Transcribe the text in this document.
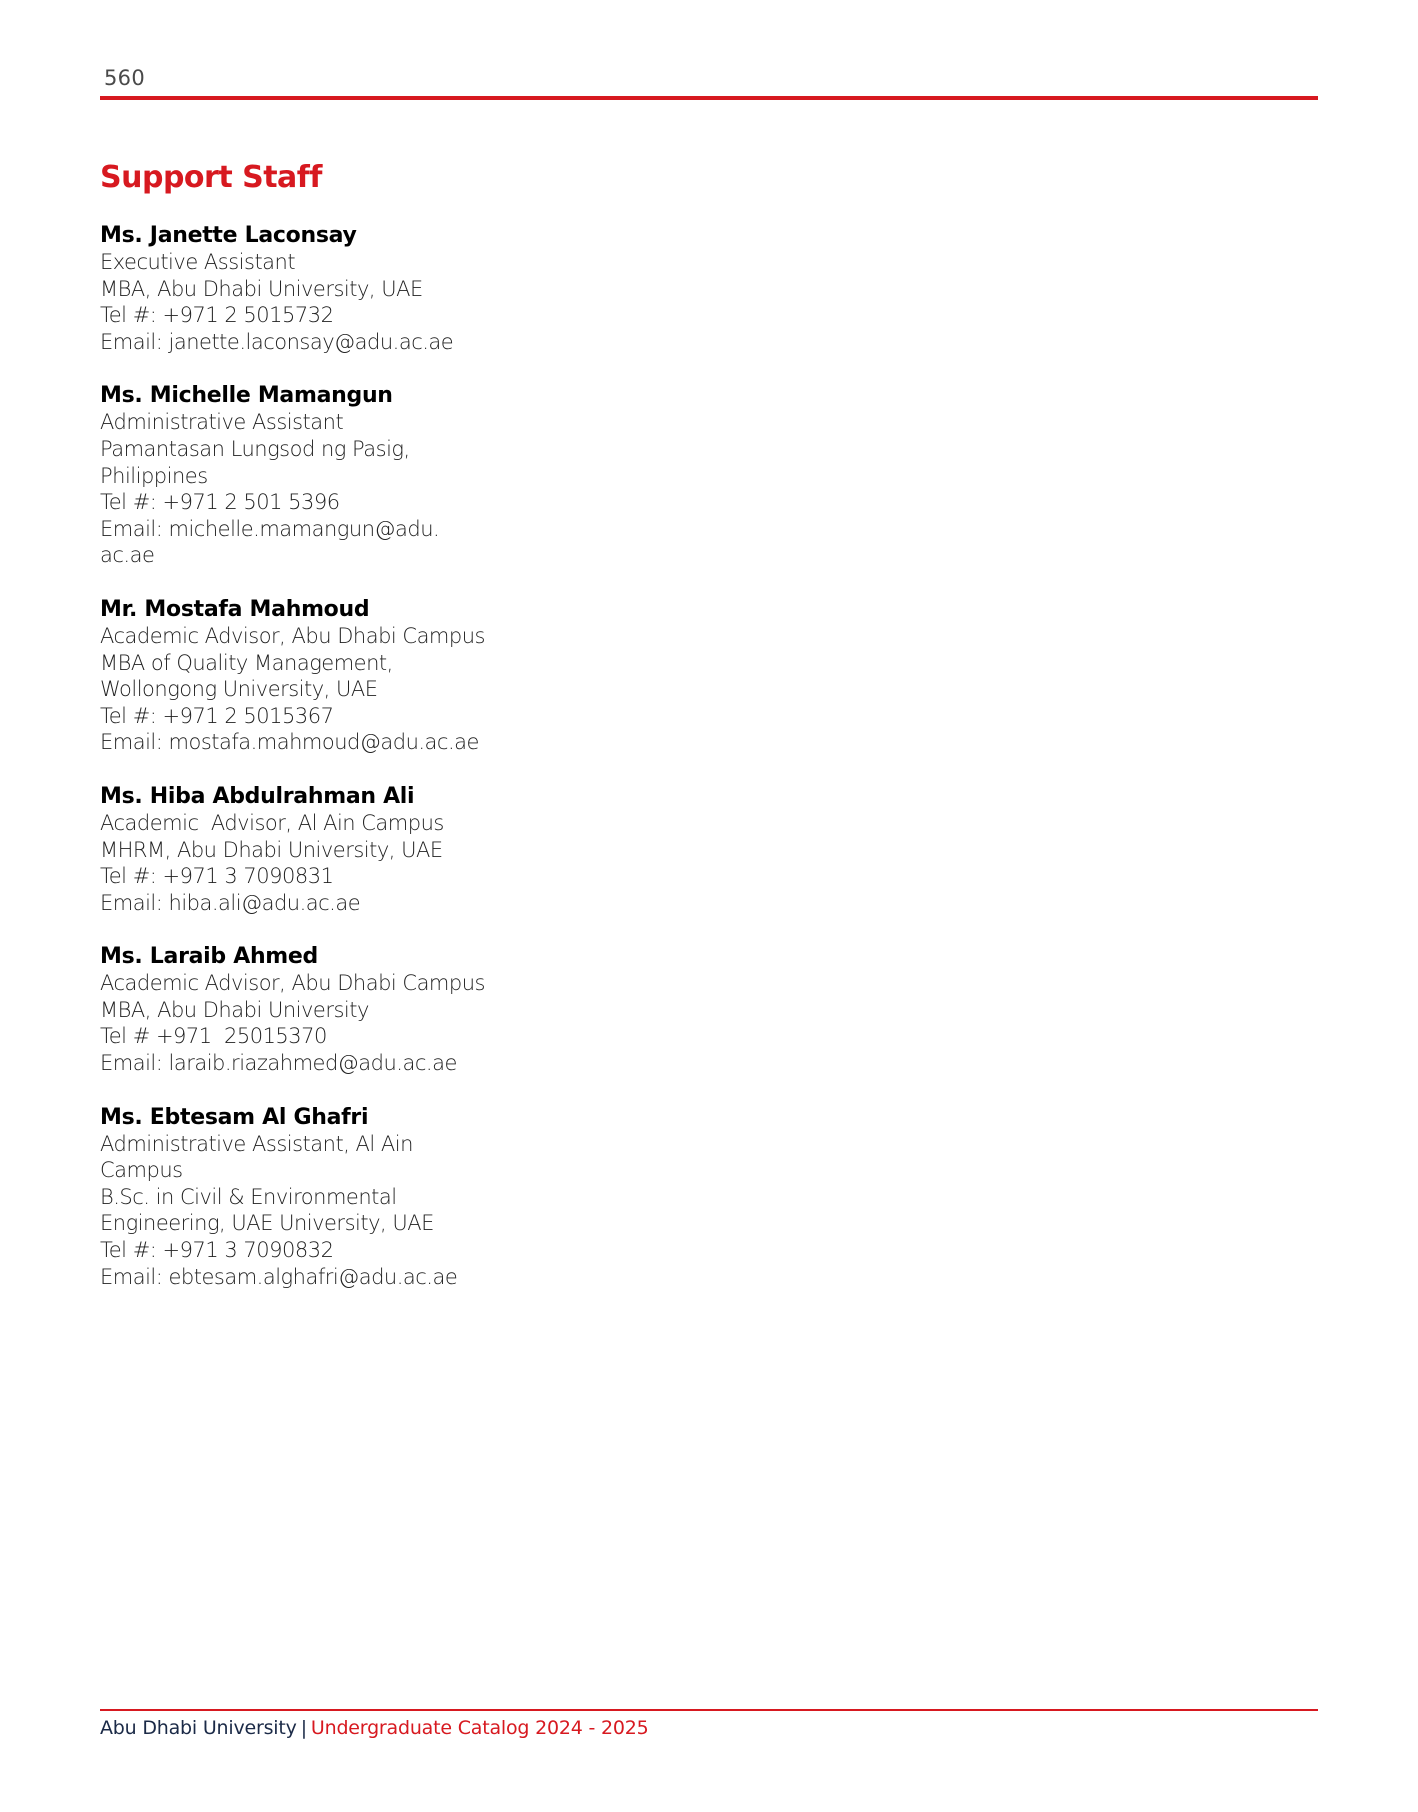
560
Support Staff
Ms. Janette Laconsay
Executive Assistant
MBA, Abu Dhabi University, UAE
Tel #: +971 2 5015732
Email: janette.laconsay@adu.ac.ae
Ms. Michelle Mamangun
Administrative Assistant
Pamantasan Lungsod ng Pasig,
Philippines
Tel #: +971 2 501 5396
Email: michelle.mamangun@adu.
ac.ae
Mr. Mostafa Mahmoud
Academic Advisor, Abu Dhabi Campus
MBA of Quality Management,
Wollongong University, UAE
Tel #: +971 2 5015367
Email: mostafa.mahmoud@adu.ac.ae
Ms. Hiba Abdulrahman Ali
Academic  Advisor, Al Ain Campus
MHRM, Abu Dhabi University, UAE
Tel #: +971 3 7090831
Email: hiba.ali@adu.ac.ae
Ms. Laraib Ahmed
Academic Advisor, Abu Dhabi Campus
MBA, Abu Dhabi University
Tel # +971  25015370
Email: laraib.riazahmed@adu.ac.ae
Ms. Ebtesam Al Ghafri
Administrative Assistant, Al Ain
Campus
B.Sc. in Civil & Environmental
Engineering, UAE University, UAE
Tel #: +971 3 7090832
Email: ebtesam.alghafri@adu.ac.ae
Abu Dhabi University | Undergraduate Catalog 2024 - 2025
